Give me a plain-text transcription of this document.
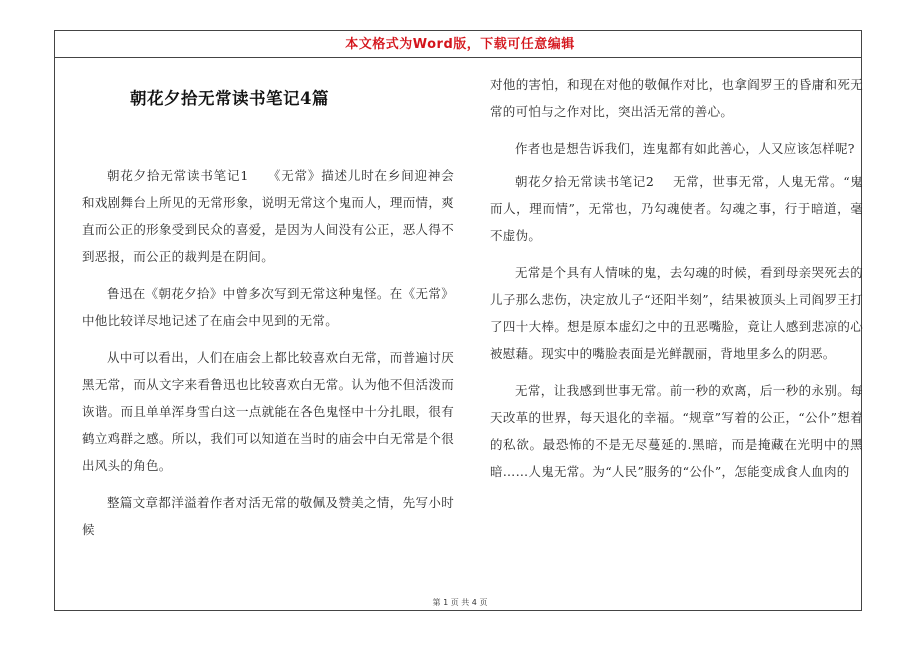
本文格式为Word版，下载可任意编辑
朝花夕拾无常读书笔记4篇

朝花夕拾无常读书笔记1 《无常》描述儿时在乡间迎神会和戏剧舞台上所见的无常形象，说明无常这个鬼而人，理而情，爽直而公正的形象受到民众的喜爱，是因为人间没有公正，恶人得不到恶报，而公正的裁判是在阴间。

鲁迅在《朝花夕拾》中曾多次写到无常这种鬼怪。在《无常》中他比较详尽地记述了在庙会中见到的无常。

从中可以看出，人们在庙会上都比较喜欢白无常，而普遍讨厌黑无常，而从文字来看鲁迅也比较喜欢白无常。认为他不但活泼而诙谐。而且单单浑身雪白这一点就能在各色鬼怪中十分扎眼，很有鹤立鸡群之感。所以，我们可以知道在当时的庙会中白无常是个很出风头的角色。

整篇文章都洋溢着作者对活无常的敬佩及赞美之情，先写小时候

对他的害怕，和现在对他的敬佩作对比，也拿阎罗王的昏庸和死无常的可怕与之作对比，突出活无常的善心。

作者也是想告诉我们，连鬼都有如此善心，人又应该怎样呢?

朝花夕拾无常读书笔记2 无常，世事无常，人鬼无常。“鬼而人，理而情”，无常也，乃勾魂使者。勾魂之事，行于暗道，毫不虚伪。

无常是个具有人情味的鬼，去勾魂的时候，看到母亲哭死去的儿子那么悲伤，决定放儿子“还阳半刻”，结果被顶头上司阎罗王打了四十大棒。想是原本虚幻之中的丑恶嘴脸，竟让人感到悲凉的心被慰藉。现实中的嘴脸表面是光鲜靓丽，背地里多么的阴恶。

无常，让我感到世事无常。前一秒的欢离，后一秒的永别。每天改革的世界，每天退化的幸福。“规章”写着的公正，“公仆”想着的私欲。最恐怖的不是无尽蔓延的.黑暗，而是掩藏在光明中的黑暗……人鬼无常。为“人民”服务的“公仆”，怎能变成食人血肉的

第 1 页 共 4 页
